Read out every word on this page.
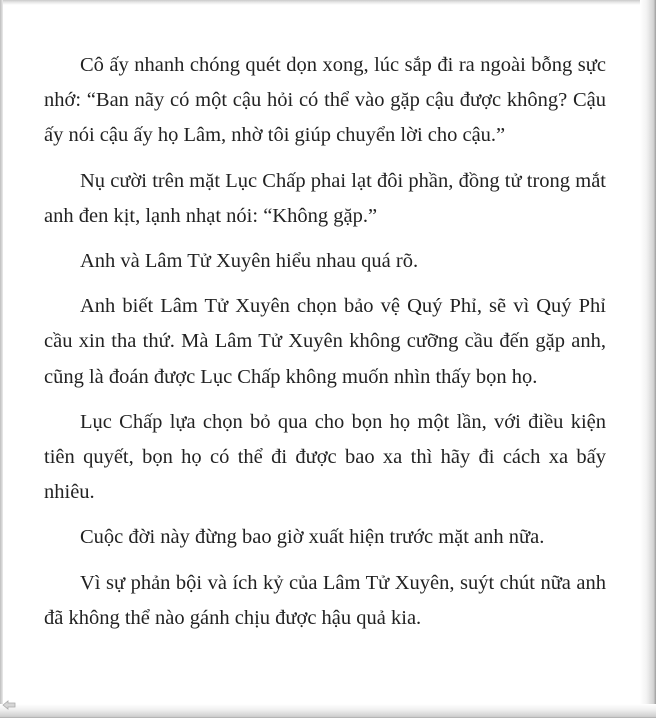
Cô ấy nhanh chóng quét dọn xong, lúc sắp đi ra ngoài bỗng sực nhớ: “Ban nãy có một cậu hỏi có thể vào gặp cậu được không? Cậu ấy nói cậu ấy họ Lâm, nhờ tôi giúp chuyển lời cho cậu.”

Nụ cười trên mặt Lục Chấp phai lạt đôi phần, đồng tử trong mắt anh đen kịt, lạnh nhạt nói: “Không gặp.”

Anh và Lâm Tử Xuyên hiểu nhau quá rõ.

Anh biết Lâm Tử Xuyên chọn bảo vệ Quý Phỉ, sẽ vì Quý Phỉ cầu xin tha thứ. Mà Lâm Tử Xuyên không cưỡng cầu đến gặp anh, cũng là đoán được Lục Chấp không muốn nhìn thấy bọn họ.

Lục Chấp lựa chọn bỏ qua cho bọn họ một lần, với điều kiện tiên quyết, bọn họ có thể đi được bao xa thì hãy đi cách xa bấy nhiêu.

Cuộc đời này đừng bao giờ xuất hiện trước mặt anh nữa.

Vì sự phản bội và ích kỷ của Lâm Tử Xuyên, suýt chút nữa anh đã không thể nào gánh chịu được hậu quả kia.
